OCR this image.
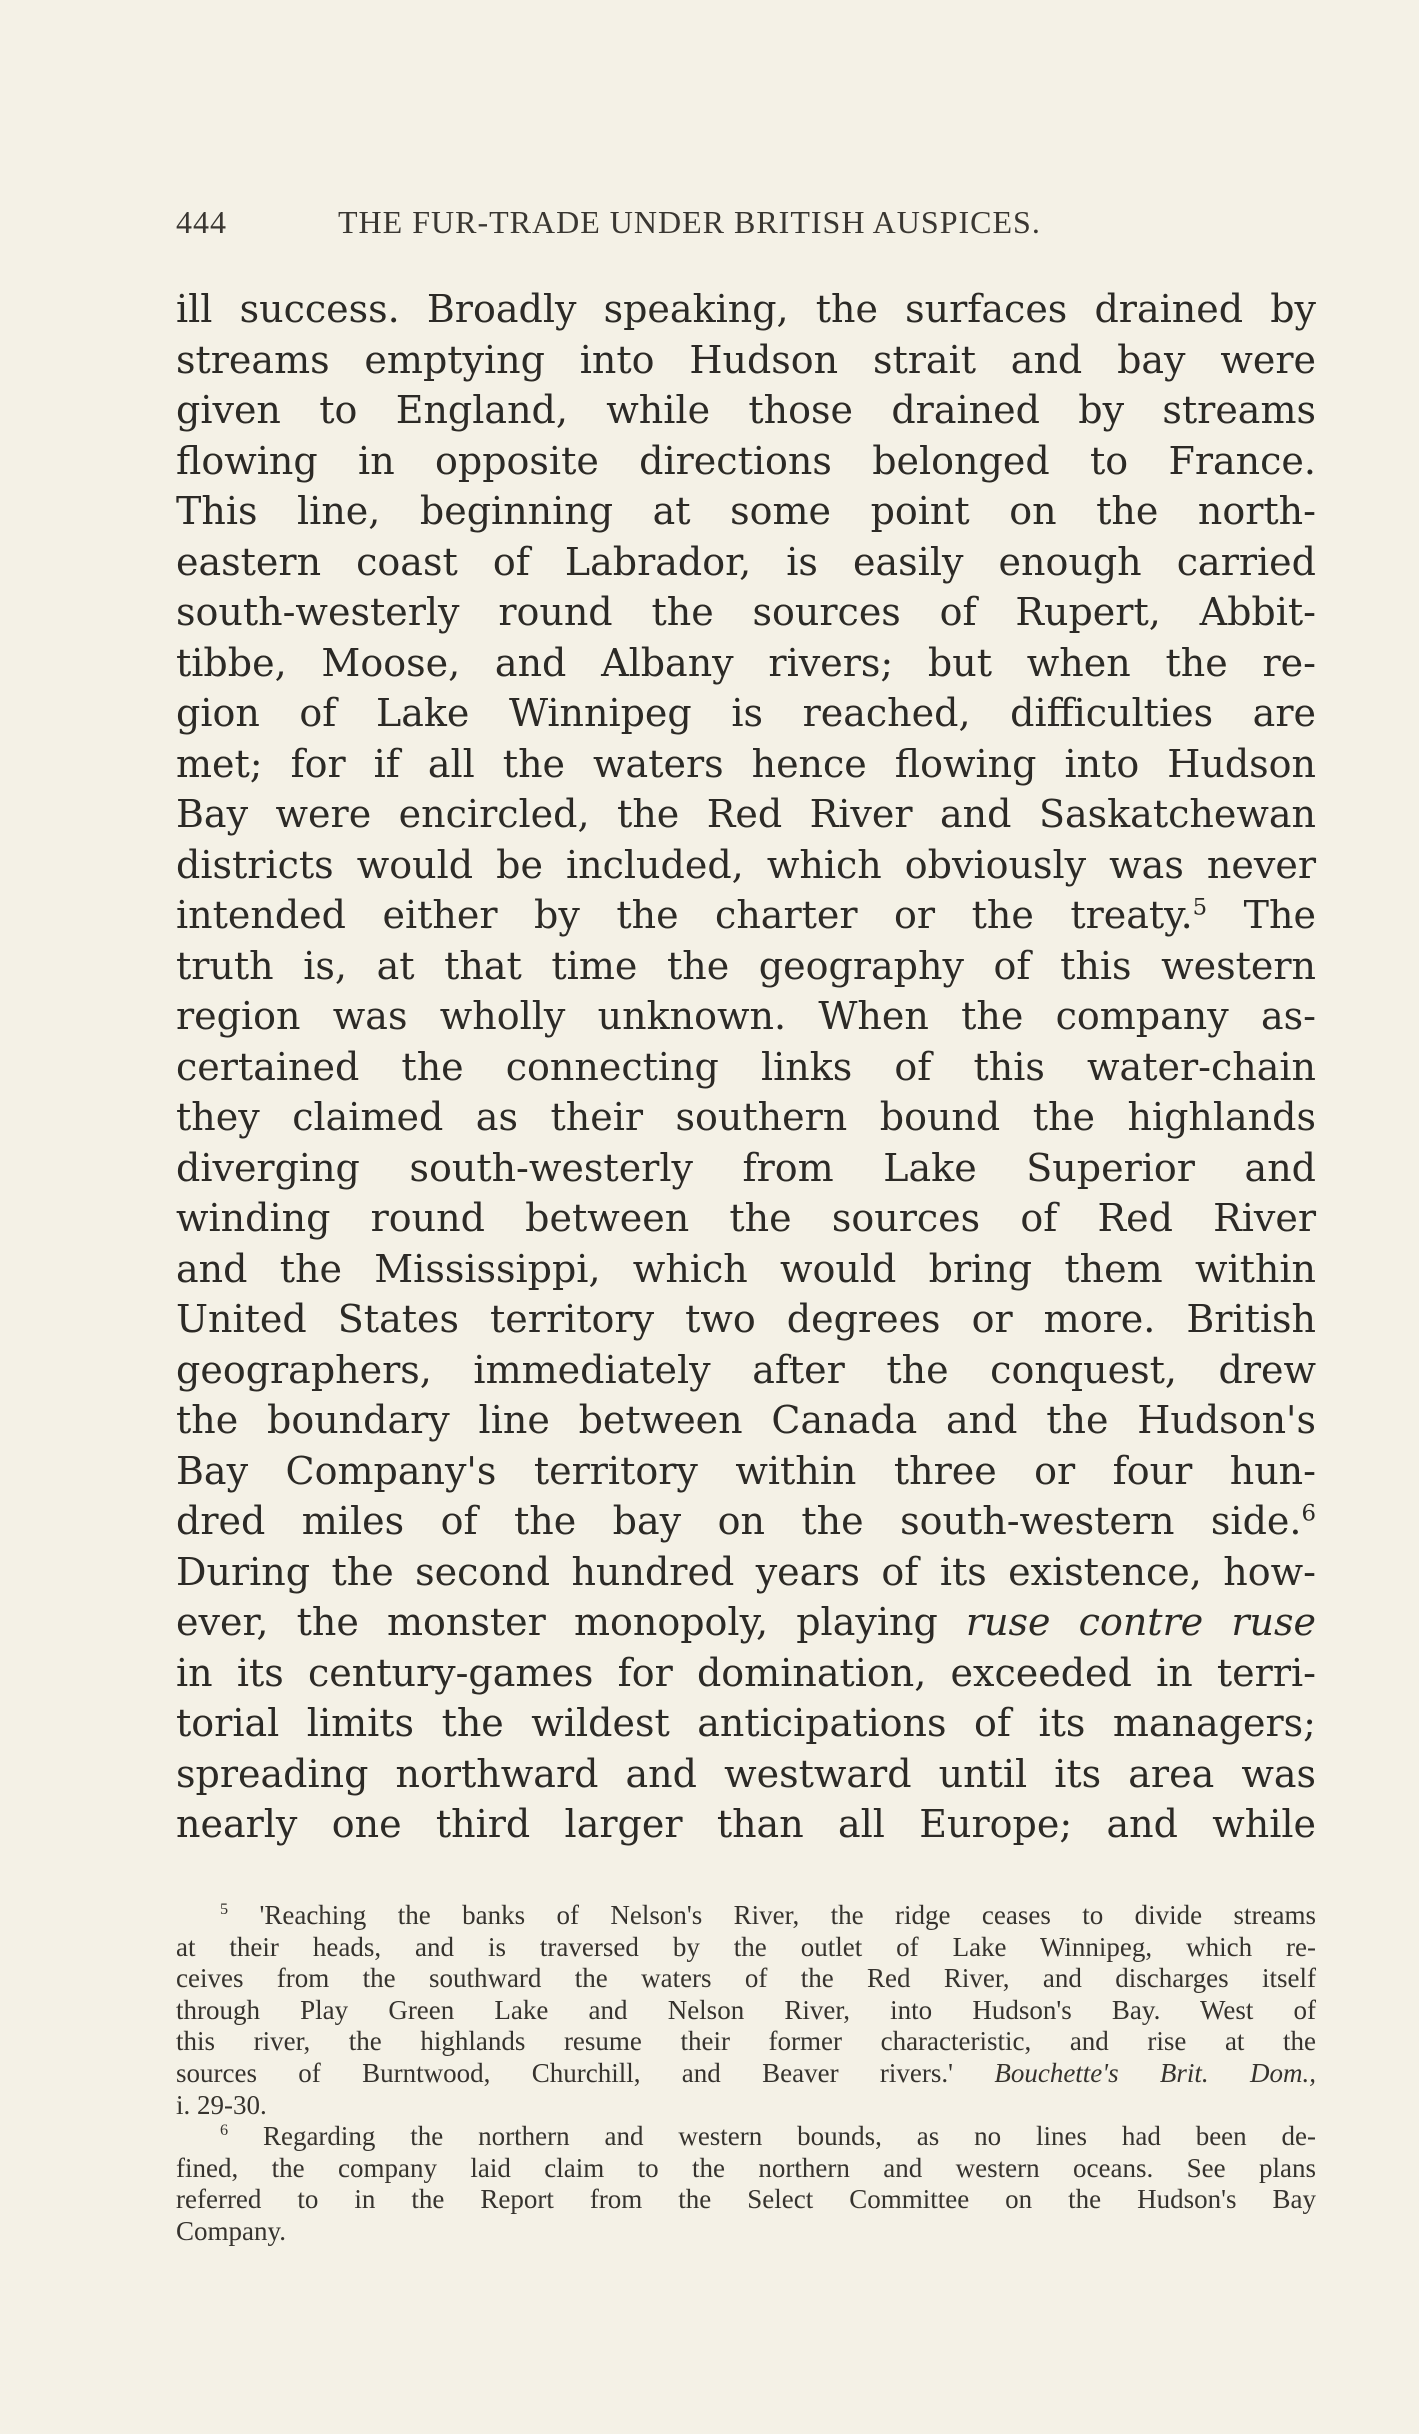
444	THE FUR-TRADE UNDER BRITISH AUSPICES.
ill success. Broadly speaking, the surfaces drained by
streams emptying into Hudson strait and bay were
given to England, while those drained by streams
flowing in opposite directions belonged to France.
This line, beginning at some point on the north-
eastern coast of Labrador, is easily enough carried
south-westerly round the sources of Rupert, Abbit-
tibbe, Moose, and Albany rivers; but when the re-
gion of Lake Winnipeg is reached, difficulties are
met; for if all the waters hence flowing into Hudson
Bay were encircled, the Red River and Saskatchewan
districts would be included, which obviously was never
intended either by the charter or the treaty.$^5$ The
truth is, at that time the geography of this western
region was wholly unknown. When the company as-
certained the connecting links of this water-chain
they claimed as their southern bound the highlands
diverging south-westerly from Lake Superior and
winding round between the sources of Red River
and the Mississippi, which would bring them within
United States territory two degrees or more. British
geographers, immediately after the conquest, drew
the boundary line between Canada and the Hudson's
Bay Company's territory within three or four hun-
dred miles of the bay on the south-western side.$^6$
During the second hundred years of its existence, how-
ever, the monster monopoly, playing ruse contre ruse
in its century-games for domination, exceeded in terri-
torial limits the wildest anticipations of its managers;
spreading northward and westward until its area was
nearly one third larger than all Europe; and while
$^5$ 'Reaching the banks of Nelson's River, the ridge ceases to divide streams
at their heads, and is traversed by the outlet of Lake Winnipeg, which re-
ceives from the southward the waters of the Red River, and discharges itself
through Play Green Lake and Nelson River, into Hudson's Bay. West of
this river, the highlands resume their former characteristic, and rise at the
sources of Burntwood, Churchill, and Beaver rivers.' Bouchette's Brit. Dom.,
i. 29-30.
$^6$ Regarding the northern and western bounds, as no lines had been de-
fined, the company laid claim to the northern and western oceans. See plans
referred to in the Report from the Select Committee on the Hudson's Bay
Company.
